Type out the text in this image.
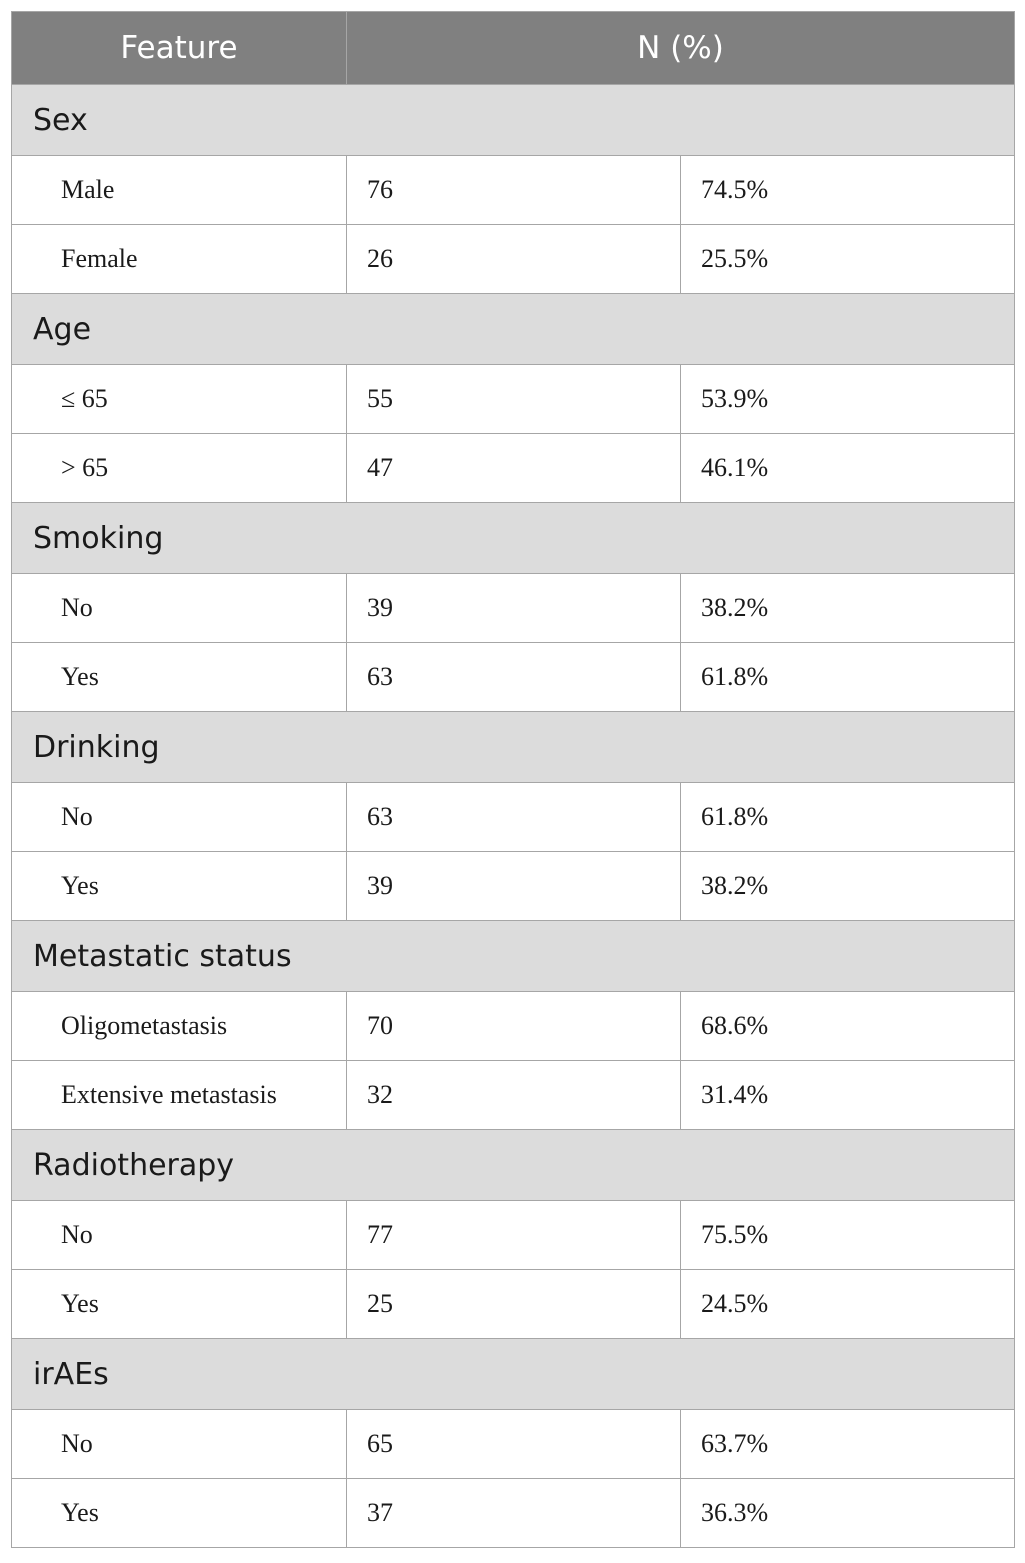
Feature	N (%)	
Sex		
Male	76	74.5%
Female	26	25.5%
Age		
≤ 65	55	53.9%
> 65	47	46.1%
Smoking		
No	39	38.2%
Yes	63	61.8%
Drinking		
No	63	61.8%
Yes	39	38.2%
Metastatic status		
Oligometastasis	70	68.6%
Extensive metastasis	32	31.4%
Radiotherapy		
No	77	75.5%
Yes	25	24.5%
irAEs		
No	65	63.7%
Yes	37	36.3%
